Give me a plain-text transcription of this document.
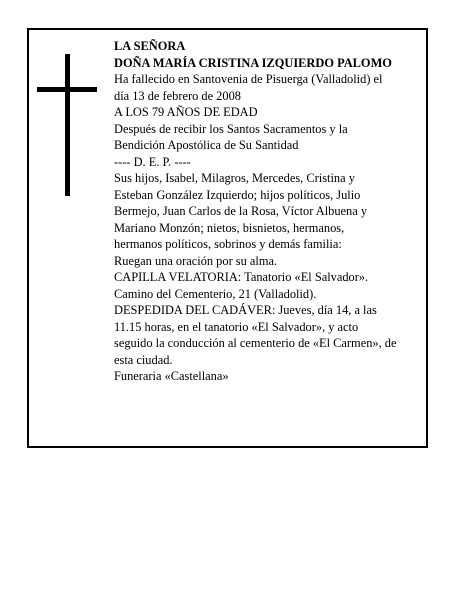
LA SEÑORA
DOÑA MARÍA CRISTINA IZQUIERDO PALOMO
Ha fallecido en Santovenia de Pisuerga (Valladolid) el
día 13 de febrero de 2008
A LOS 79 AÑOS DE EDAD
Después de recibir los Santos Sacramentos y la
Bendición Apostólica de Su Santidad
---- D. E. P. ----
Sus hijos, Isabel, Milagros, Mercedes, Cristina y
Esteban González Izquierdo; hijos políticos, Julio
Bermejo, Juan Carlos de la Rosa, Víctor Albuena y
Mariano Monzón; nietos, bisnietos, hermanos,
hermanos políticos, sobrinos y demás familia:
Ruegan una oración por su alma.
CAPILLA VELATORIA: Tanatorio «El Salvador».
Camino del Cementerio, 21 (Valladolid).
DESPEDIDA DEL CADÁVER: Jueves, día 14, a las
11.15 horas, en el tanatorio «El Salvador», y acto
seguido la conducción al cementerio de «El Carmen», de
esta ciudad.
Funeraria «Castellana»
